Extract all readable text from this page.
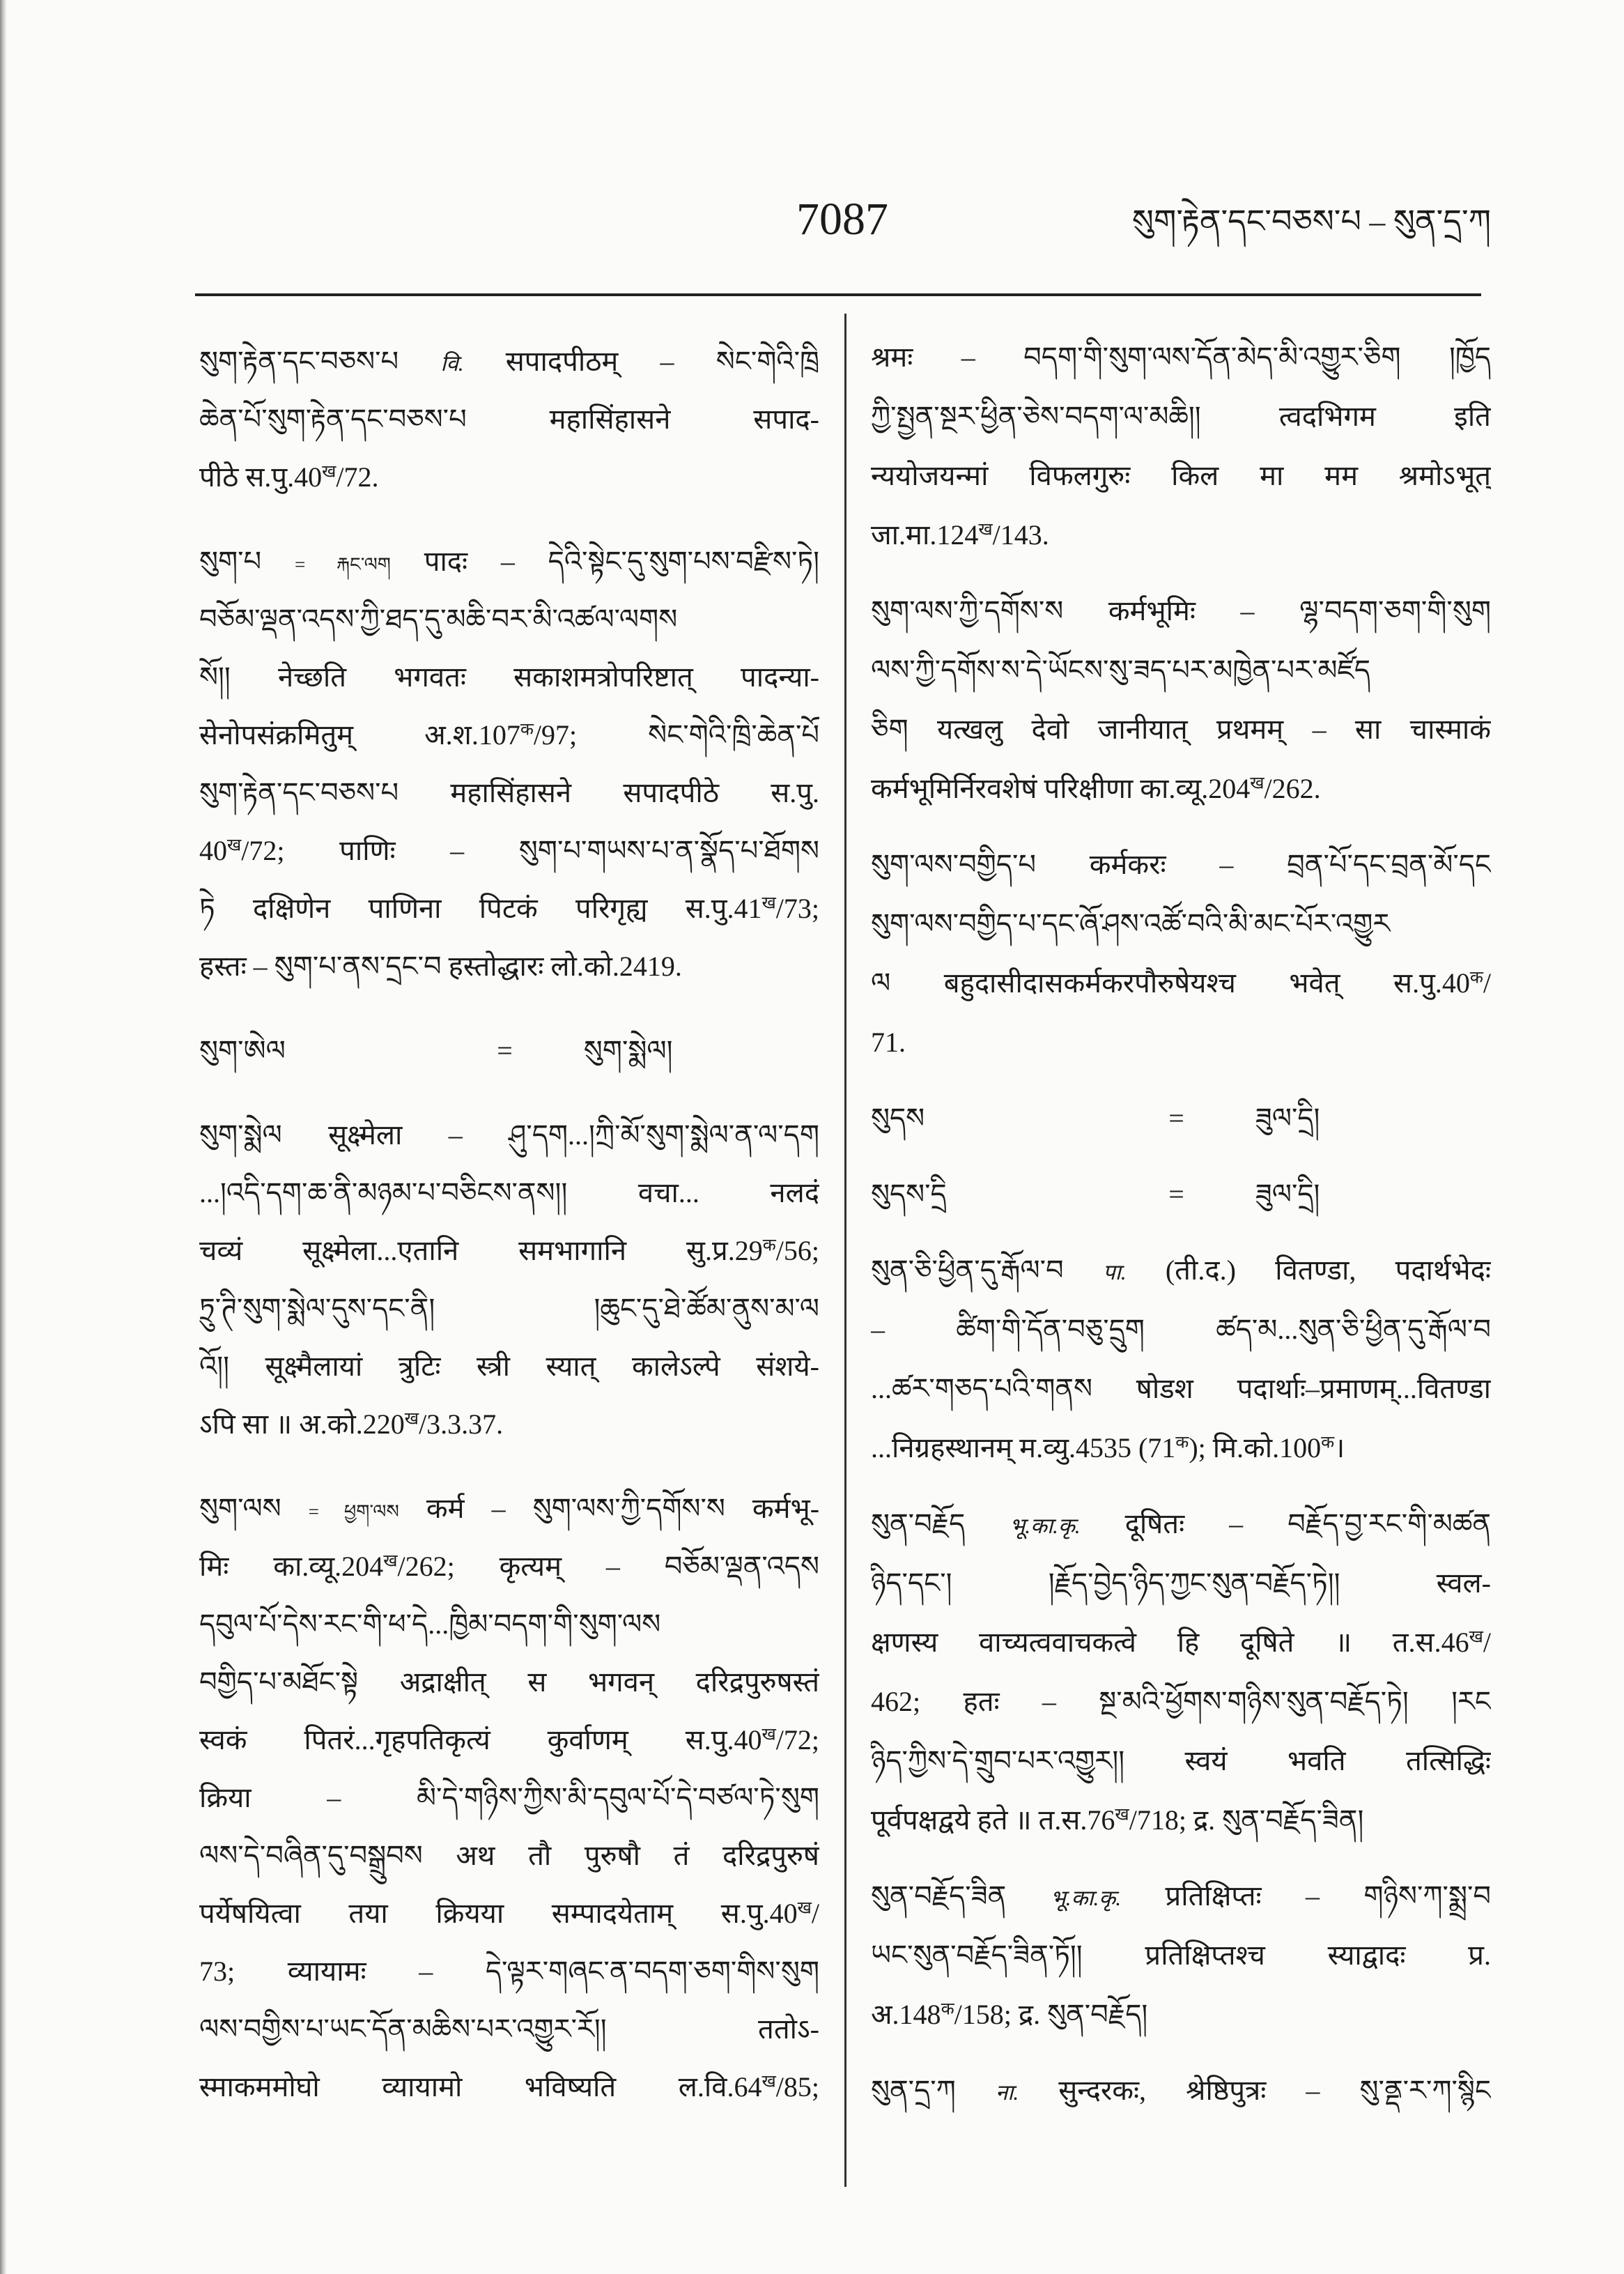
7087	སུག་རྟེན་དང་བཅས་པ – སུན་དྲ་ཀ
སུག་རྟེན་དང་བཅས་པ वि. सपादपीठम् – སེང་གེའི་ཁྲི
ཆེན་པོ་སུག་རྟེན་དང་བཅས་པ महासिंहासने सपाद-
पीठे $स.पु.40^ख/72$.
སུག་པ = རྐང་ལག पादः – དེའི་སྟེང་དུ་སུག་པས་བརྫིས་ཏེ།
བཅོམ་ལྡན་འདས་ཀྱི་ཐད་དུ་མཆི་བར་མི་འཚལ་ལགས
སོ།། नेच्छति भगवतः सकाशमत्रोपरिष्टात् पादन्या-
सेनोपसंक्रमितुम् $अ.श.107^क/97$; སེང་གེའི་ཁྲི་ཆེན་པོ
སུག་རྟེན་དང་བཅས་པ महासिंहासने सपादपीठे स.पु.
$40^ख/72$; पाणिः – སུག་པ་གཡས་པ་ན་སྣོད་པ་ཐོགས
ཏེ दक्षिणेन पाणिना पिटकं परिगृह्य $स.पु.41^ख/73$;
हस्तः – སུག་པ་ནས་དྲང་བ हस्तोद्धारः लो.को.2419.
སུག་ཨེལ	=	སུག་སྨེལ།
སུག་སྨེལ सूक्ष्मेला – ཤུ་དག...།ཀྲི་མོ་སུག་སྨེལ་ན་ལ་དག
...།འདི་དག་ཆ་ནི་མཉམ་པ་བཅིངས་ནས།། वचा... नलदं
चव्यं सूक्ष्मेला...एतानि समभागानि $सु.प्र.29^क/56$;
ཏྲུ་ཊི་སུག་སྨེལ་དུས་དང་ནི། །ཆུང་དུ་ཐེ་ཚོམ་ནུས་མ་ལ
འོ།། सूक्ष्मैलायां त्रुटिः स्त्री स्यात् कालेऽल्पे संशये-
ऽपि सा ॥ $अ.को.220^ख/3.3.37$.
སུག་ལས = ཕྱག་ལས कर्म – སུག་ལས་ཀྱི་དགོས་ས कर्मभू-
मिः $का.व्यू.204^ख/262$; कृत्यम् – བཅོམ་ལྡན་འདས
དབུལ་པོ་དེས་རང་གི་ཕ་དེ...ཁྱིམ་བདག་གི་སུག་ལས
བགྱིད་པ་མཐོང་སྟེ अद्राक्षीत् स भगवन् दरिद्रपुरुषस्तं
स्वकं पितरं...गृहपतिकृत्यं कुर्वाणम् $स.पु.40^ख/72$;
क्रिया – མི་དེ་གཉིས་ཀྱིས་མི་དབུལ་པོ་དེ་བཙལ་ཏེ་སུག
ལས་དེ་བཞིན་དུ་བསྒྲུབས अथ तौ पुरुषौ तं दरिद्रपुरुषं
पर्येषयित्वा तया क्रियया सम्पादयेताम् $स.पु.40^ख/$
73; व्यायामः – དེ་ལྟར་གཞང་ན་བདག་ཅག་གིས་སུག
ལས་བགྱིས་པ་ཡང་དོན་མཆིས་པར་འགྱུར་རོ།། ततोऽ-
स्माकममोघो व्यायामो भविष्यति $ल.वि.64^ख/85$;
श्रमः – བདག་གི་སུག་ལས་དོན་མེད་མི་འགྱུར་ཅིག །ཁྱོད
ཀྱི་སྤྱན་སྔར་ཕྱིན་ཅེས་བདག་ལ་མཆི།། त्वदभिगम इति
न्ययोजयन्मां विफलगुरुः किल मा मम श्रमोऽभूत्
$जा.मा.124^ख/143$.
སུག་ལས་ཀྱི་དགོས་ས कर्मभूमिः – ལྷ་བདག་ཅག་གི་སུག
ལས་ཀྱི་དགོས་ས་དེ་ཡོངས་སུ་ཟད་པར་མཁྱེན་པར་མཛོད
ཅིག यत्खलु देवो जानीयात् प्रथमम् – सा चास्माकं
कर्मभूमिर्निरवशेषं परिक्षीणा $का.व्यू.204^ख/262$.
སུག་ལས་བགྱིད་པ कर्मकरः – བྲན་པོ་དང་བྲན་མོ་དང
སུག་ལས་བགྱིད་པ་དང་ཞོ་ཤས་འཚོ་བའི་མི་མང་པོར་འགྱུར
ལ बहुदासीदासकर्मकरपौरुषेयश्च भवेत् $स.पु.40^क/$
71.
སུདས	=	ཟུལ་དྲི།
སུདས་དྲི	=	ཟུལ་དྲི།
སུན་ཅི་ཕྱིན་དུ་རྒོལ་བ पा. (ती.द.) वितण्डा, पदार्थभेदः
– ཚིག་གི་དོན་བཅུ་དྲུག ཚད་མ...སུན་ཅི་ཕྱིན་དུ་རྒོལ་བ
...ཚར་གཅད་པའི་གནས षोडश पदार्थाः–प्रमाणम्...वितण्डा
...निग्रहस्थानम् म.व्यु.4535 $(71^क)$; $मि.को.100^क।$
སུན་བརྗོད भू.का.कृ. दूषितः – བརྗོད་བྱ་རང་གི་མཚན
ཉིད་དང་། །རྗོད་བྱེད་ཉིད་ཀྱང་སུན་བརྗོད་ཏེ།། स्वल-
क्षणस्य वाच्यत्ववाचकत्वे हि दूषिते ॥ $त.स.46^ख/$
462; हतः – སྔ་མའི་ཕྱོགས་གཉིས་སུན་བརྗོད་ཏེ། །རང
ཉིད་ཀྱིས་དེ་གྲུབ་པར་འགྱུར།། स्वयं भवति तत्सिद्धिः
पूर्वपक्षद्वये हते ॥ $त.स.76^ख/718$; द्र. སུན་བརྗོད་ཟིན།
སུན་བརྗོད་ཟིན भू.का.कृ. प्रतिक्षिप्तः – གཉིས་ཀ་སྨྲ་བ
ཡང་སུན་བརྗོད་ཟིན་ཏོ།། प्रतिक्षिप्तश्च स्याद्वादः प्र.
$अ.148^क/158$; द्र. སུན་བརྗོད།
སུན་དྲ་ཀ ना. सुन्दरकः, श्रेष्ठिपुत्रः – སུ་ནྡ་ར་ཀ་སྙིང
